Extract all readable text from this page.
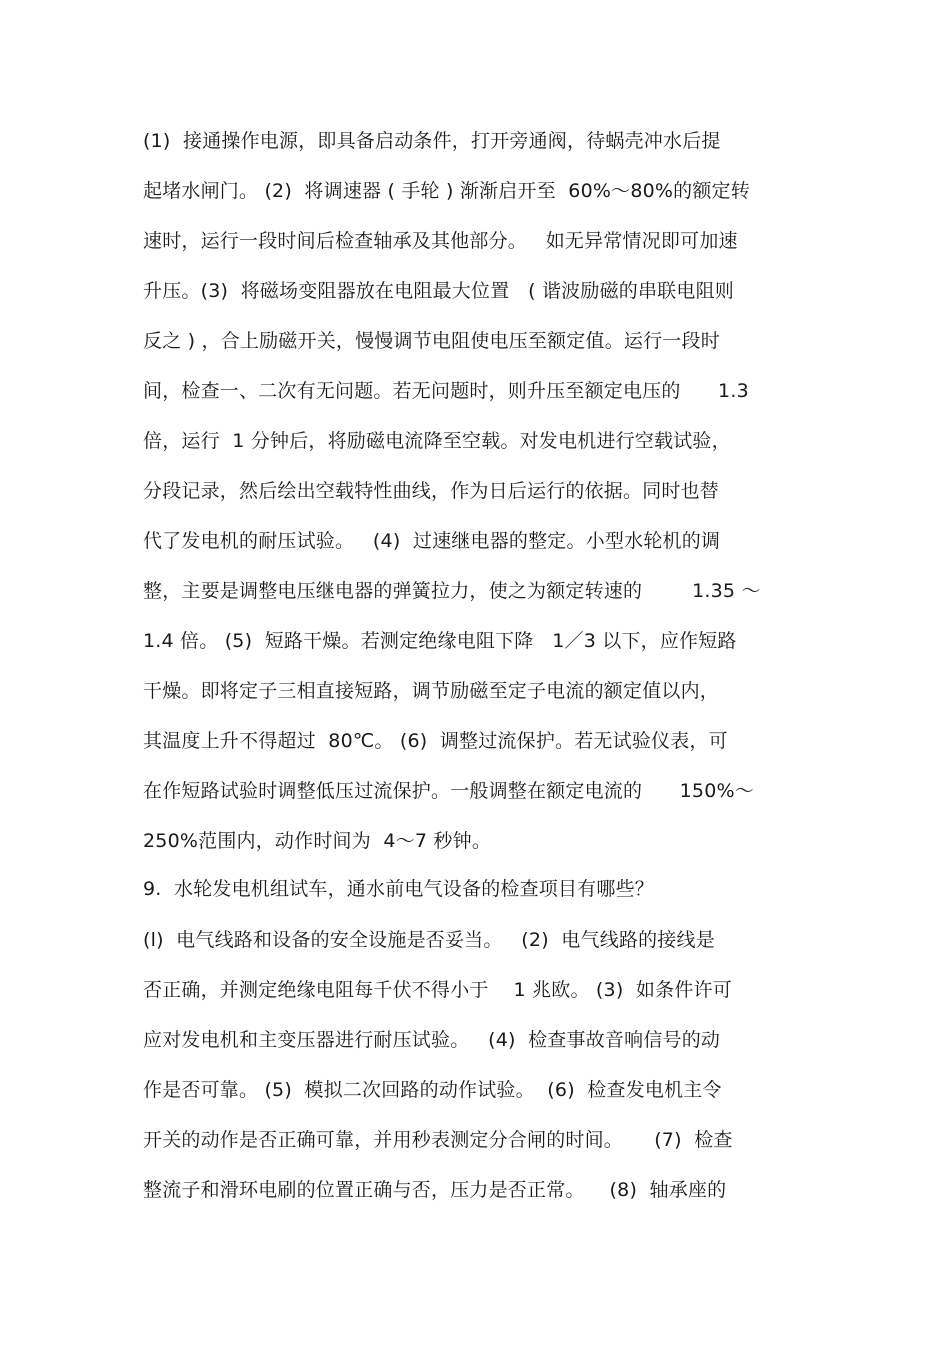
(1)  接通操作电源，即具备启动条件，打开旁通阀，待蜗壳冲水后提
起堵水闸门。 (2)  将调速器 ( 手轮 ) 渐渐启开至  60%～80%的额定转
速时，运行一段时间后检查轴承及其他部分。   如无异常情况即可加速
升压。(3)  将磁场变阻器放在电阻最大位置   ( 谐波励磁的串联电阻则
反之 ) ，合上励磁开关，慢慢调节电阻使电压至额定值。运行一段时
间，检查一、二次有无问题。若无问题时，则升压至额定电压的      1.3
倍，运行  1 分钟后，将励磁电流降至空载。对发电机进行空载试验，
分段记录，然后绘出空载特性曲线，作为日后运行的依据。同时也替
代了发电机的耐压试验。   (4)  过速继电器的整定。小型水轮机的调
整，主要是调整电压继电器的弹簧拉力，使之为额定转速的        1.35 ～
1.4 倍。 (5)  短路干燥。若测定绝缘电阻下降   1／3 以下，应作短路
干燥。即将定子三相直接短路，调节励磁至定子电流的额定值以内，
其温度上升不得超过  80℃。 (6)  调整过流保护。若无试验仪表，可
在作短路试验时调整低压过流保护。一般调整在额定电流的      150%～
250%范围内，动作时间为  4～7 秒钟。
9.  水轮发电机组试车，通水前电气设备的检查项目有哪些？
(l)  电气线路和设备的安全设施是否妥当。   (2)  电气线路的接线是
否正确，并测定绝缘电阻每千伏不得小于    1 兆欧。 (3)  如条件许可
应对发电机和主变压器进行耐压试验。   (4)  检查事故音响信号的动
作是否可靠。 (5)  模拟二次回路的动作试验。  (6)  检查发电机主令
开关的动作是否正确可靠，并用秒表测定分合闸的时间。     (7)  检查
整流子和滑环电刷的位置正确与否，压力是否正常。    (8)  轴承座的
